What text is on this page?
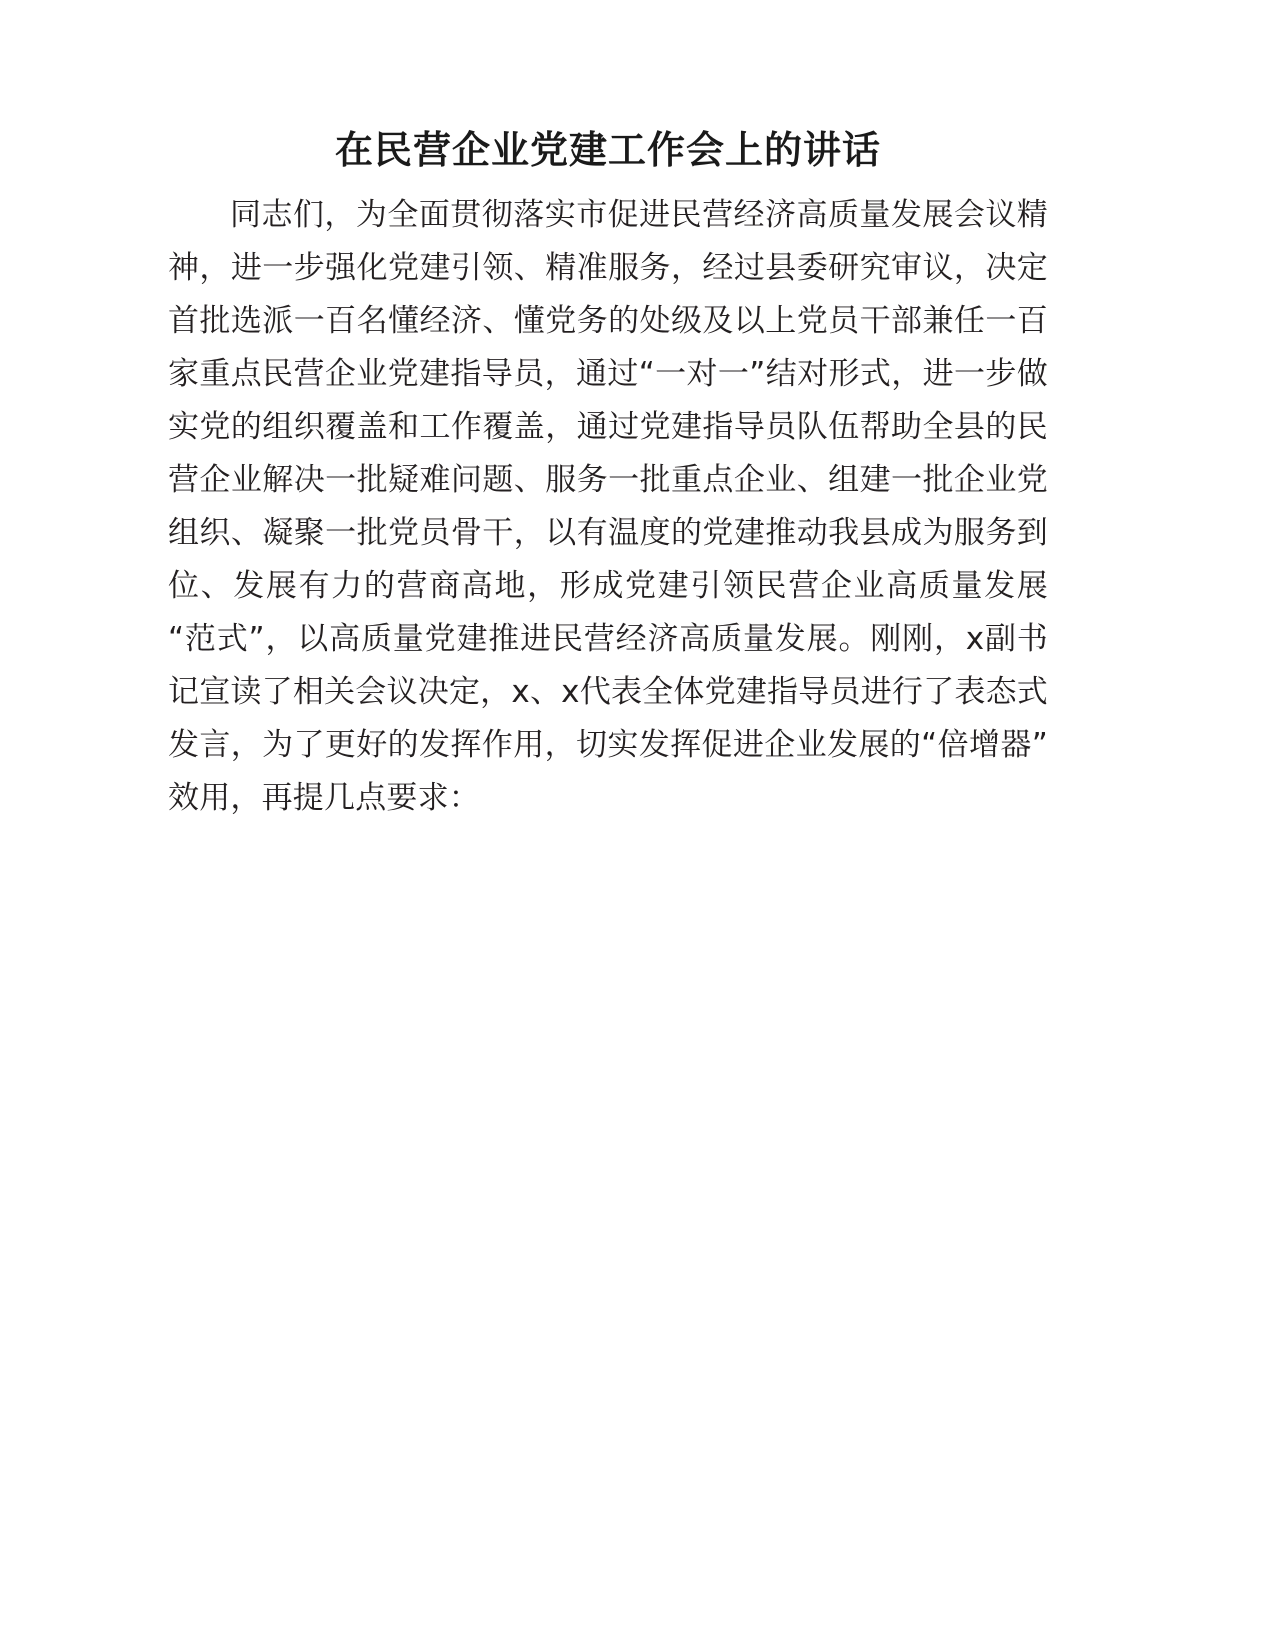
在民营企业党建工作会上的讲话

同志们，为全面贯彻落实市促进民营经济高质量发展会议精神，进一步强化党建引领、精准服务，经过县委研究审议，决定首批选派一百名懂经济、懂党务的处级及以上党员干部兼任一百家重点民营企业党建指导员，通过“一对一”结对形式，进一步做实党的组织覆盖和工作覆盖，通过党建指导员队伍帮助全县的民营企业解决一批疑难问题、服务一批重点企业、组建一批企业党组织、凝聚一批党员骨干，以有温度的党建推动我县成为服务到位、发展有力的营商高地，形成党建引领民营企业高质量发展“范式”，以高质量党建推进民营经济高质量发展。刚刚，x副书记宣读了相关会议决定，x、x代表全体党建指导员进行了表态式发言，为了更好的发挥作用，切实发挥促进企业发展的“倍增器”效用，再提几点要求：
